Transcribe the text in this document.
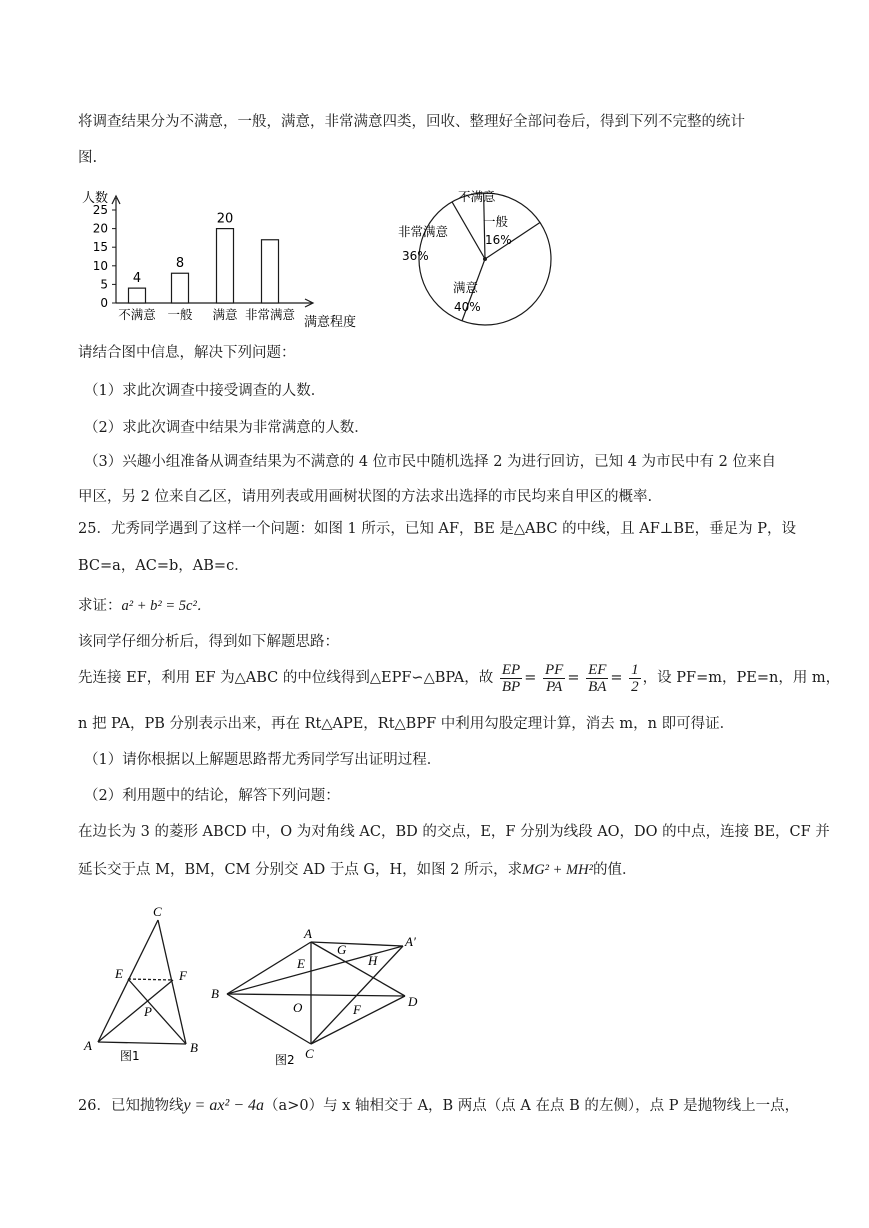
将调查结果分为不满意，一般，满意，非常满意四类，回收、整理好全部问卷后，得到下列不完整的统计
图.
0
5
10
15
20
25
4
8
20
不满意 一般 满意 非常满意
人数
满意程度
不满意
一般
16%
非常满意
36%
满意
40%
请结合图中信息，解决下列问题：
（1）求此次调查中接受调查的人数．
（2）求此次调查中结果为非常满意的人数．
（3）兴趣小组准备从调查结果为不满意的 4 位市民中随机选择 2 为进行回访，已知 4 为市民中有 2 位来自
甲区，另 2 位来自乙区，请用列表或用画树状图的方法求出选择的市民均来自甲区的概率.
25．尤秀同学遇到了这样一个问题：如图 1 所示，已知 AF，BE 是△ABC 的中线，且 AF⊥BE，垂足为 P，设
BC=a，AC=b，AB=c．
求证：a² + b² = 5c²．
该同学仔细分析后，得到如下解题思路：
先连接 EF，利用 EF 为△ABC 的中位线得到△EPF∽△BPA，故 $\frac{EP}{BP} = \frac{PF}{PA} = \frac{EF}{BA} = \frac{1}{2}$ ，设 PF=m，PE=n，用 m，
n 把 PA，PB 分别表示出来，再在 Rt△APE，Rt△BPF 中利用勾股定理计算，消去 m，n 即可得证．
（1）请你根据以上解题思路帮尤秀同学写出证明过程．
（2）利用题中的结论，解答下列问题：
在边长为 3 的菱形 ABCD 中，O 为对角线 AC，BD 的交点，E，F 分别为线段 AO，DO 的中点，连接 BE，CF 并
延长交于点 M，BM，CM 分别交 AD 于点 G，H，如图 2 所示，求MG² + MH²的值．
C
E	F
P
A	B
图1
A
G
A′
E	H
B
O	F
D
C
图2
26．已知抛物线y = ax² − 4a（a>0）与 x 轴相交于 A，B 两点（点 A 在点 B 的左侧），点 P 是抛物线上一点，
